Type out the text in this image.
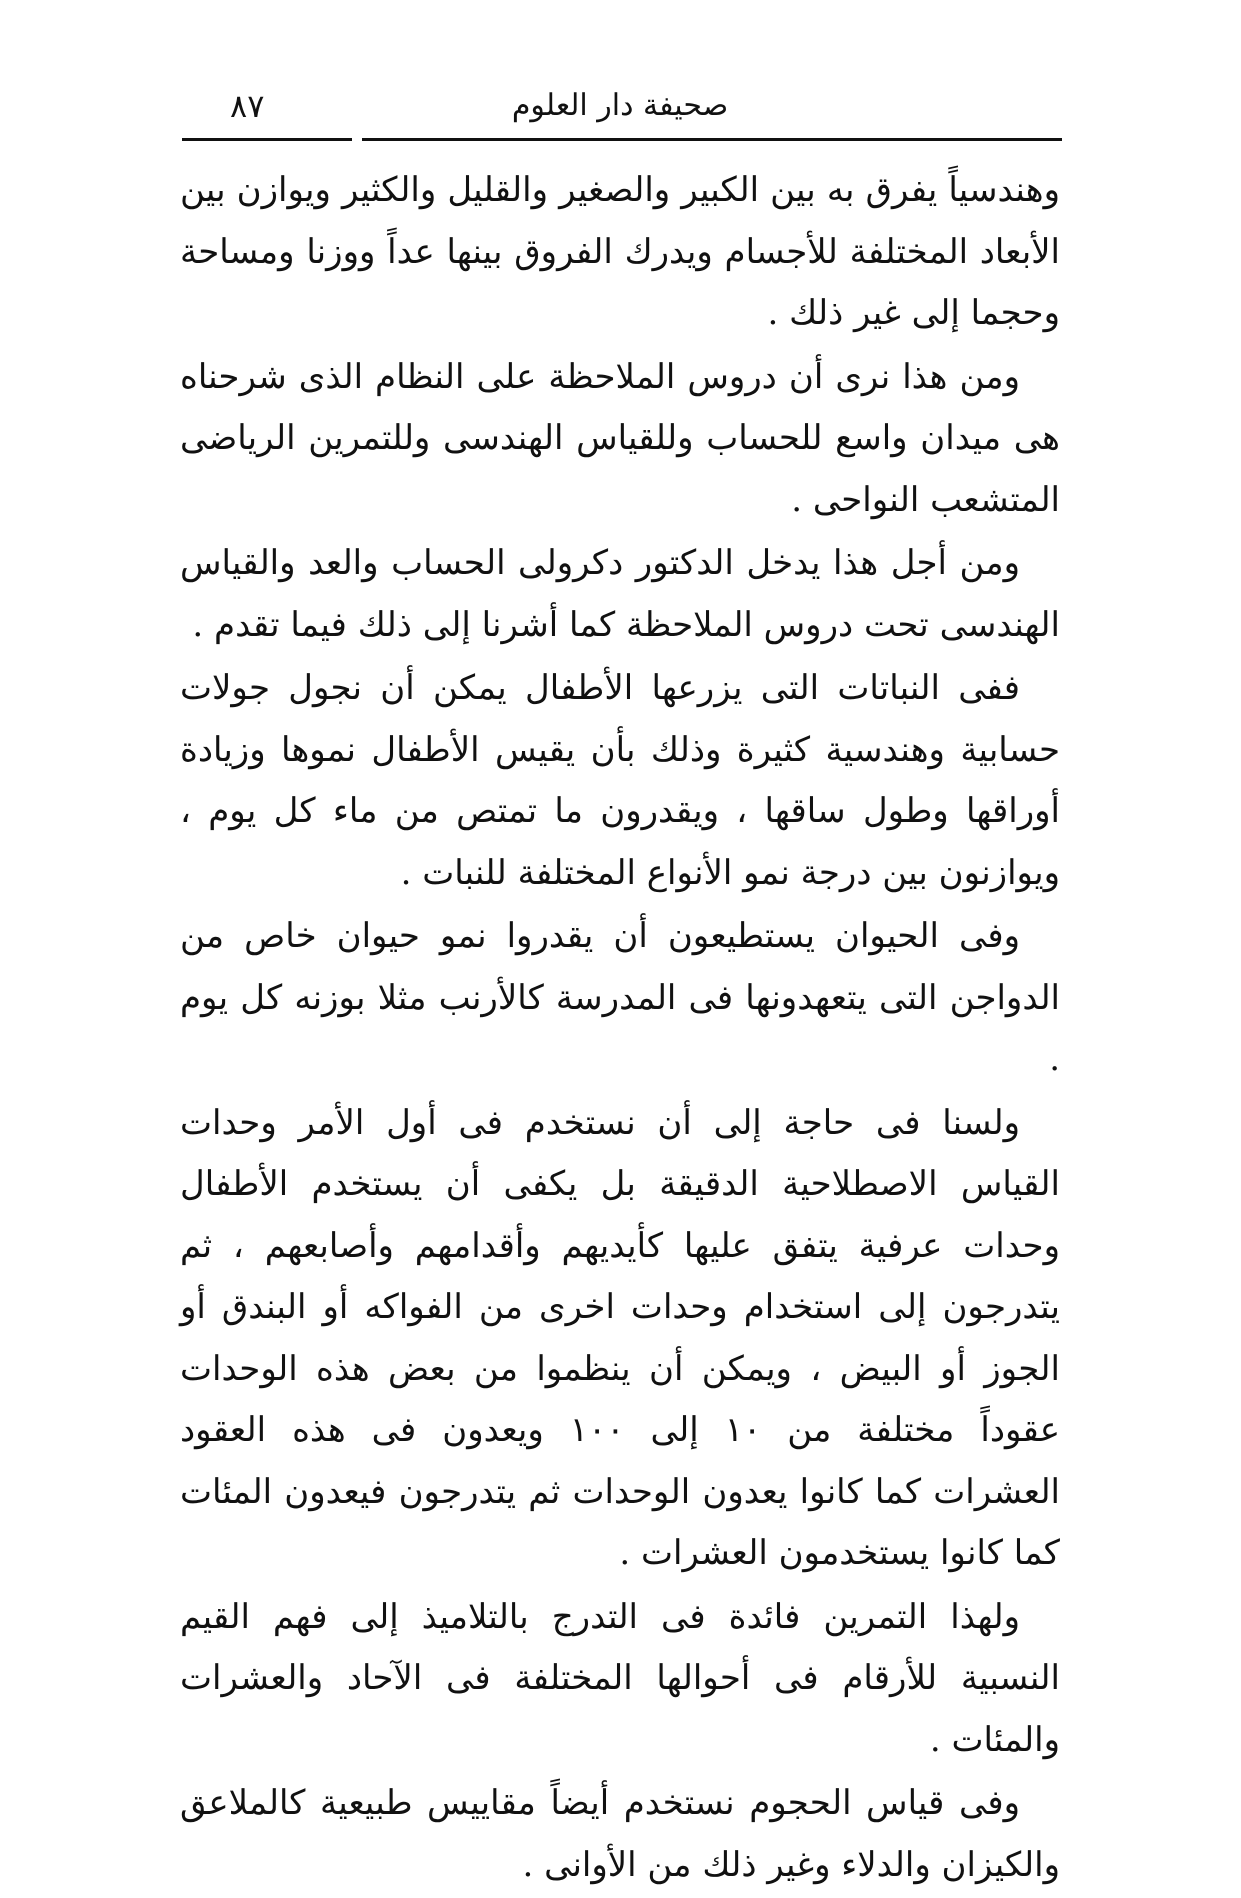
صحيفة دار العلوم
٨٧

وهندسياً يفرق به بين الكبير والصغير والقليل والكثير ويوازن بين الأبعاد المختلفة للأجسام ويدرك الفروق بينها عداً ووزنا ومساحة وحجما إلى غير ذلك .

ومن هذا نرى أن دروس الملاحظة على النظام الذى شرحناه هى ميدان واسع للحساب وللقياس الهندسى وللتمرين الرياضى المتشعب النواحى .

ومن أجل هذا يدخل الدكتور دكرولى الحساب والعد والقياس الهندسى تحت دروس الملاحظة كما أشرنا إلى ذلك فيما تقدم .

ففى النباتات التى يزرعها الأطفال يمكن أن نجول جولات حسابية وهندسية كثيرة وذلك بأن يقيس الأطفال نموها وزيادة أوراقها وطول ساقها ، ويقدرون ما تمتص من ماء كل يوم ، ويوازنون بين درجة نمو الأنواع المختلفة للنبات .

وفى الحيوان يستطيعون أن يقدروا نمو حيوان خاص من الدواجن التى يتعهدونها فى المدرسة كالأرنب مثلا بوزنه كل يوم .

ولسنا فى حاجة إلى أن نستخدم فى أول الأمر وحدات القياس الاصطلاحية الدقيقة بل يكفى أن يستخدم الأطفال وحدات عرفية يتفق عليها كأيديهم وأقدامهم وأصابعهم ، ثم يتدرجون إلى استخدام وحدات اخرى من الفواكه أو البندق أو الجوز أو البيض ، ويمكن أن ينظموا من بعض هذه الوحدات عقوداً مختلفة من ١٠ إلى ١٠٠ ويعدون فى هذه العقود العشرات كما كانوا يعدون الوحدات ثم يتدرجون فيعدون المئات كما كانوا يستخدمون العشرات .

ولهذا التمرين فائدة فى التدرج بالتلاميذ إلى فهم القيم النسبية للأرقام فى أحوالها المختلفة فى الآحاد والعشرات والمئات .

وفى قياس الحجوم نستخدم أيضاً مقاييس طبيعية كالملاعق والكيزان والدلاء وغير ذلك من الأوانى .
